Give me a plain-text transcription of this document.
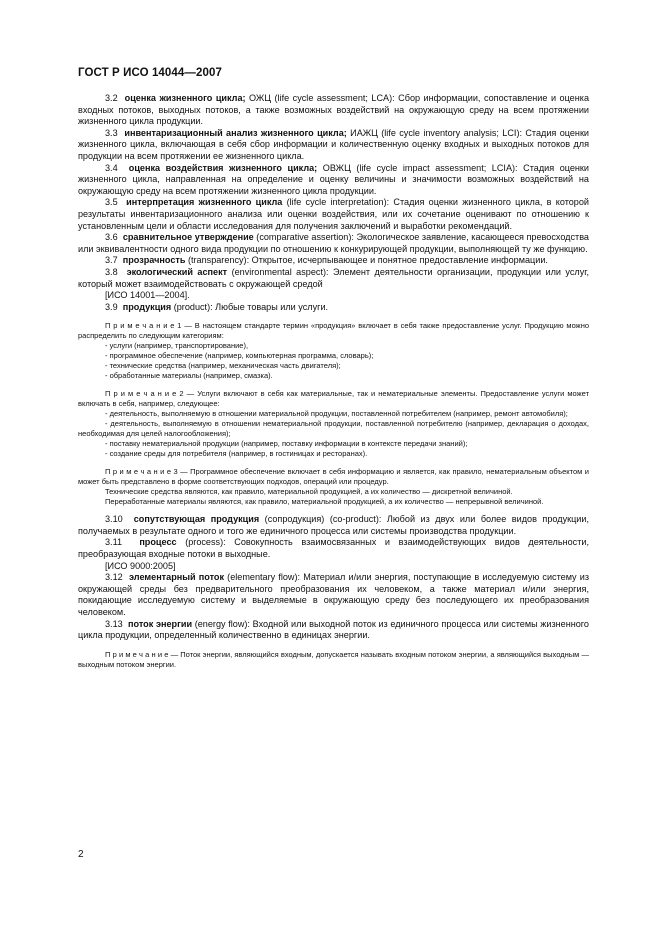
ГОСТ Р ИСО 14044—2007

3.2 оценка жизненного цикла; ОЖЦ (life cycle assessment; LCA): Сбор информации, сопоставление и оценка входных потоков, выходных потоков, а также возможных воздействий на окружающую среду на всем протяжении жизненного цикла продукции.

3.3 инвентаризационный анализ жизненного цикла; ИАЖЦ (life cycle inventory analysis; LCI): Стадия оценки жизненного цикла, включающая в себя сбор информации и количественную оценку входных и выходных потоков для продукции на всем протяжении ее жизненного цикла.

3.4 оценка воздействия жизненного цикла; ОВЖЦ (life cycle impact assessment; LCIA): Стадия оценки жизненного цикла, направленная на определение и оценку величины и значимости возможных воздействий на окружающую среду на всем протяжении жизненного цикла продукции.

3.5 интерпретация жизненного цикла (life cycle interpretation): Стадия оценки жизненного цикла, в которой результаты инвентаризационного анализа или оценки воздействия, или их сочетание оценивают по отношению к установленным цели и области исследования для получения заключений и выработки рекомендаций.

3.6 сравнительное утверждение (comparative assertion): Экологическое заявление, касающееся превосходства или эквивалентности одного вида продукции по отношению к конкурирующей продукции, выполняющей ту же функцию.

3.7 прозрачность (transparency): Открытое, исчерпывающее и понятное предоставление информации.

3.8 экологический аспект (environmental aspect): Элемент деятельности организации, продукции или услуг, который может взаимодействовать с окружающей средой

[ИСО 14001—2004].

3.9 продукция (product): Любые товары или услуги.

П р и м е ч а н и е 1 — В настоящем стандарте термин «продукция» включает в себя также предоставление услуг. Продукцию можно распределить по следующим категориям:

- услуги (например, транспортирование),

- программное обеспечение (например, компьютерная программа, словарь);

- технические средства (например, механическая часть двигателя);

- обработанные материалы (например, смазка).

П р и м е ч а н и е 2 — Услуги включают в себя как материальные, так и нематериальные элементы. Предоставление услуги может включать в себя, например, следующее:

- деятельность, выполняемую в отношении материальной продукции, поставленной потребителем (например, ремонт автомобиля);

- деятельность, выполняемую в отношении нематериальной продукции, поставленной потребителю (например, декларация о доходах, необходимая для целей налогообложения);

- поставку нематериальной продукции (например, поставку информации в контексте передачи знаний);

- создание среды для потребителя (например, в гостиницах и ресторанах).

П р и м е ч а н и е 3 — Программное обеспечение включает в себя информацию и является, как правило, нематериальным объектом и может быть представлено в форме соответствующих подходов, операций или процедур.

Технические средства являются, как правило, материальной продукцией, а их количество — дискретной величиной.

Переработанные материалы являются, как правило, материальной продукцией, а их количество — непрерывной величиной.

3.10 сопутствующая продукция (сопродукция) (co-product): Любой из двух или более видов продукции, получаемых в результате одного и того же единичного процесса или системы производства продукции.

3.11 процесс (process): Совокупность взаимосвязанных и взаимодействующих видов деятельности, преобразующая входные потоки в выходные.

[ИСО 9000:2005]

3.12 элементарный поток (elementary flow): Материал и/или энергия, поступающие в исследуемую систему из окружающей среды без предварительного преобразования их человеком, а также материал и/или энергия, покидающие исследуемую систему и выделяемые в окружающую среду без последующего их преобразования человеком.

3.13 поток энергии (energy flow): Входной или выходной поток из единичного процесса или системы жизненного цикла продукции, определенный количественно в единицах энергии.

П р и м е ч а н и е — Поток энергии, являющийся входным, допускается называть входным потоком энергии, а являющийся выходным — выходным потоком энергии.

2
